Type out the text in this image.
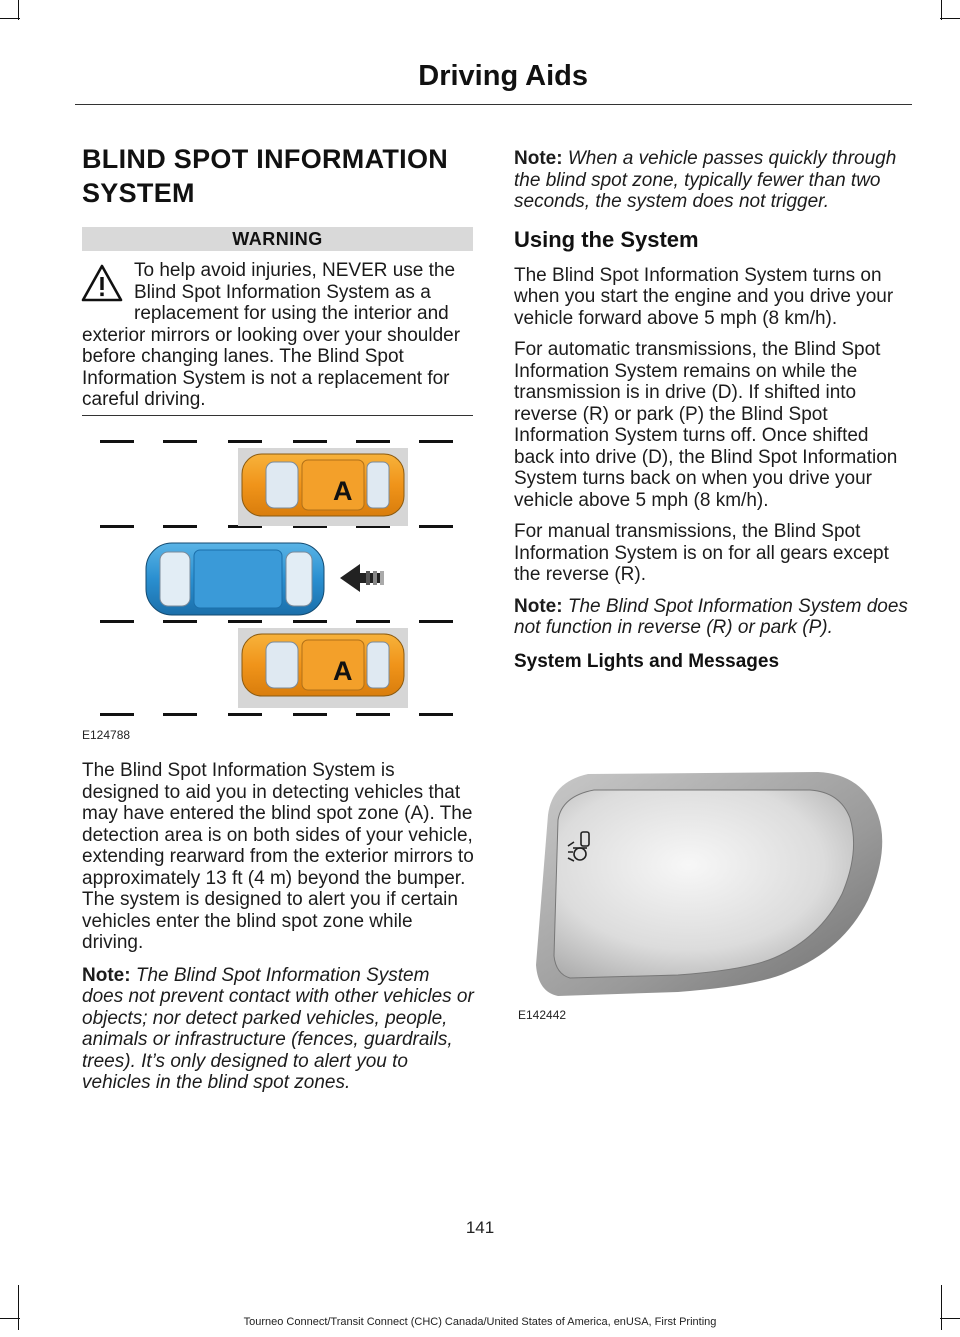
Driving Aids
BLIND SPOT INFORMATION SYSTEM
WARNING
To help avoid injuries, NEVER use the Blind Spot Information System as a replacement for using the interior and exterior mirrors or looking over your shoulder before changing lanes. The Blind Spot Information System is not a replacement for careful driving.
A
A
E124788

The Blind Spot Information System is designed to aid you in detecting vehicles that may have entered the blind spot zone (A). The detection area is on both sides of your vehicle, extending rearward from the exterior mirrors to approximately 13 ft (4 m) beyond the bumper. The system is designed to alert you if certain vehicles enter the blind spot zone while driving.

Note: The Blind Spot Information System does not prevent contact with other vehicles or objects; nor detect parked vehicles, people, animals or infrastructure (fences, guardrails, trees). It’s only designed to alert you to vehicles in the blind spot zones.

Note: When a vehicle passes quickly through the blind spot zone, typically fewer than two seconds, the system does not trigger.

Using the System

The Blind Spot Information System turns on when you start the engine and you drive your vehicle forward above 5 mph (8 km/h).

For automatic transmissions, the Blind Spot Information System remains on while the transmission is in drive (D). If shifted into reverse (R) or park (P) the Blind Spot Information System turns off. Once shifted back into drive (D), the Blind Spot Information System turns back on when you drive your vehicle above 5 mph (8 km/h).

For manual transmissions, the Blind Spot Information System is on for all gears except the reverse (R).

Note: The Blind Spot Information System does not function in reverse (R) or park (P).

System Lights and Messages
E142442
141
Tourneo Connect/Transit Connect (CHC) Canada/United States of America, enUSA, First Printing
